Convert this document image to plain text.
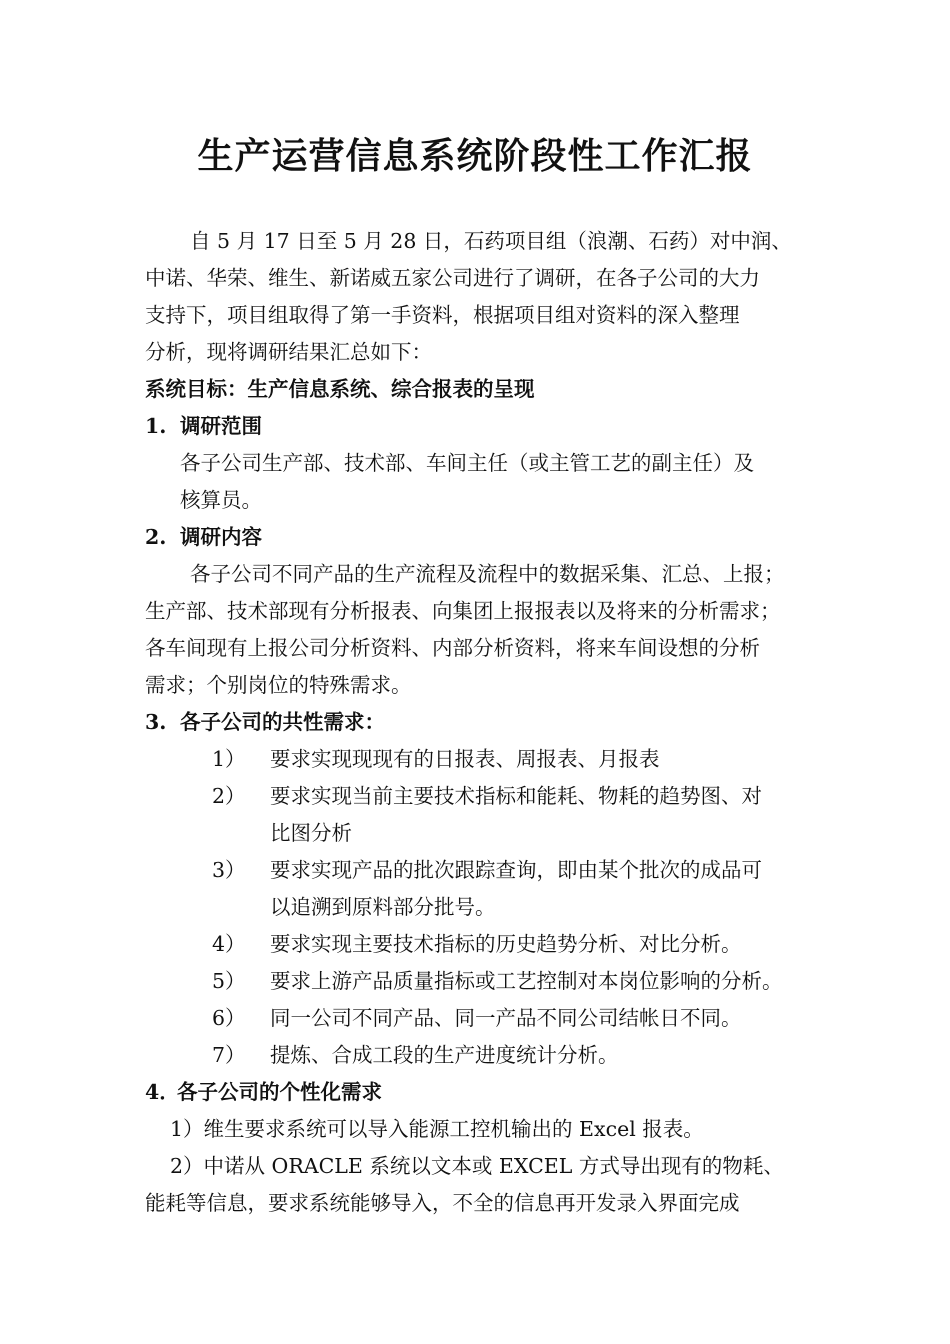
生产运营信息系统阶段性工作汇报
自 5 月 17 日至 5 月 28 日，石药项目组（浪潮、石药）对中润、
中诺、华荣、维生、新诺威五家公司进行了调研，在各子公司的大力
支持下，项目组取得了第一手资料，根据项目组对资料的深入整理
分析，现将调研结果汇总如下：
系统目标：生产信息系统、综合报表的呈现
1. 调研范围
各子公司生产部、技术部、车间主任（或主管工艺的副主任）及
核算员。
2. 调研内容
各子公司不同产品的生产流程及流程中的数据采集、汇总、上报；
生产部、技术部现有分析报表、向集团上报报表以及将来的分析需求；
各车间现有上报公司分析资料、内部分析资料，将来车间设想的分析
需求；个别岗位的特殊需求。
3. 各子公司的共性需求：
1） 要求实现现现有的日报表、周报表、月报表
2） 要求实现当前主要技术指标和能耗、物耗的趋势图、对
比图分析
3） 要求实现产品的批次跟踪查询，即由某个批次的成品可
以追溯到原料部分批号。
4） 要求实现主要技术指标的历史趋势分析、对比分析。
5） 要求上游产品质量指标或工艺控制对本岗位影响的分析。
6） 同一公司不同产品、同一产品不同公司结帐日不同。
7） 提炼、合成工段的生产进度统计分析。
4．
各子公司的个性化需求
1）维生要求系统可以导入能源工控机输出的 Excel 报表。
2）中诺从 ORACLE 系统以文本或 EXCEL 方式导出现有的物耗、
能耗等信息，要求系统能够导入，不全的信息再开发录入界面完成
